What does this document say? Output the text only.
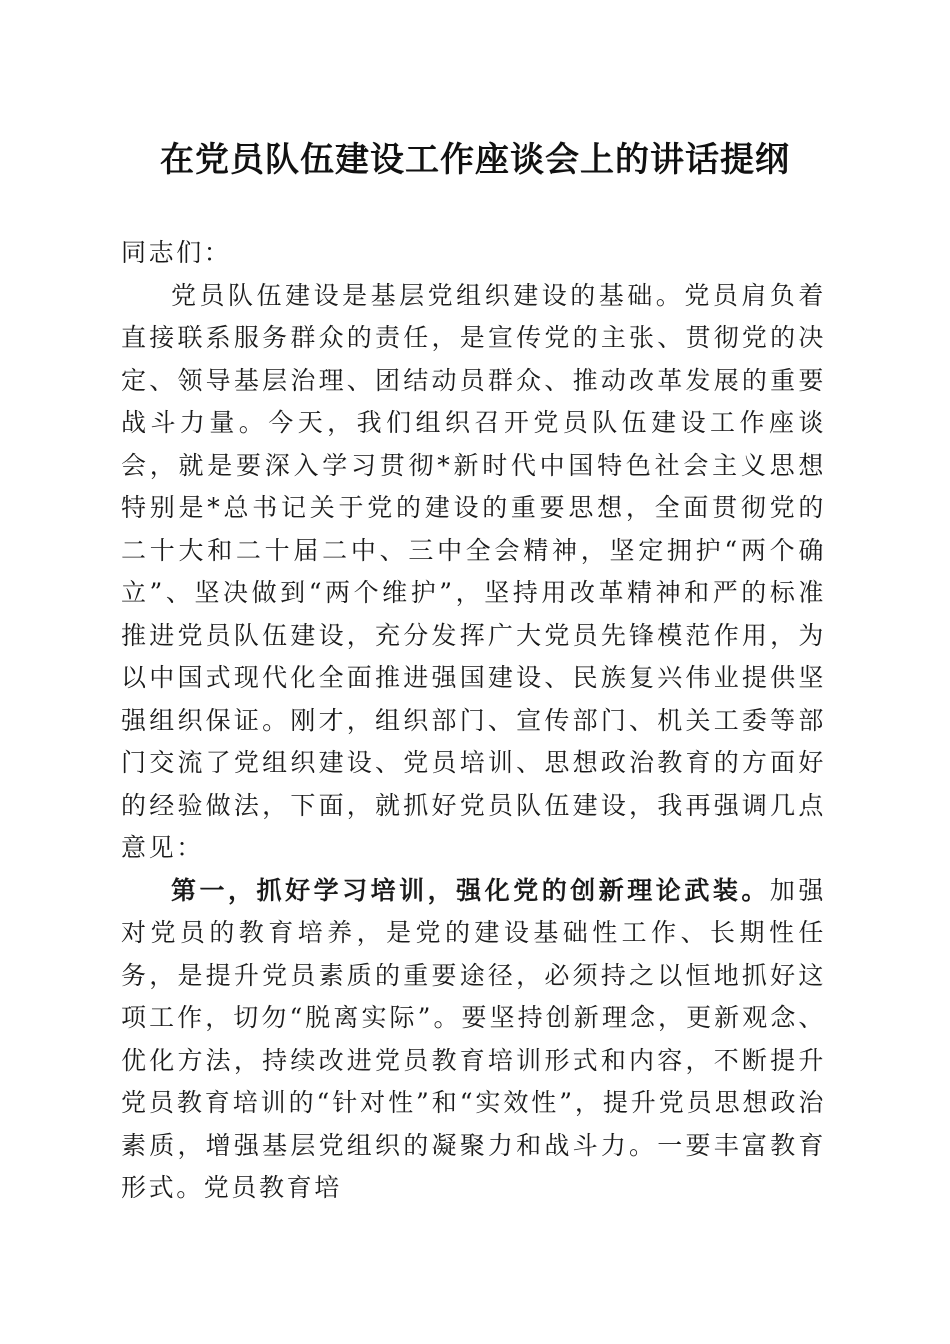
在党员队伍建设工作座谈会上的讲话提纲

同志们：

党员队伍建设是基层党组织建设的基础。党员肩负着直接联系服务群众的责任，是宣传党的主张、贯彻党的决定、领导基层治理、团结动员群众、推动改革发展的重要战斗力量。今天，我们组织召开党员队伍建设工作座谈会，就是要深入学习贯彻*新时代中国特色社会主义思想特别是*总书记关于党的建设的重要思想，全面贯彻党的二十大和二十届二中、三中全会精神，坚定拥护“两个确立”、坚决做到“两个维护”，坚持用改革精神和严的标准推进党员队伍建设，充分发挥广大党员先锋模范作用，为以中国式现代化全面推进强国建设、民族复兴伟业提供坚强组织保证。刚才，组织部门、宣传部门、机关工委等部门交流了党组织建设、党员培训、思想政治教育的方面好的经验做法，下面，就抓好党员队伍建设，我再强调几点意见：

第一，抓好学习培训，强化党的创新理论武装。加强对党员的教育培养，是党的建设基础性工作、长期性任务，是提升党员素质的重要途径，必须持之以恒地抓好这项工作，切勿“脱离实际”。要坚持创新理念，更新观念、优化方法，持续改进党员教育培训形式和内容，不断提升党员教育培训的“针对性”和“实效性”，提升党员思想政治素质，增强基层党组织的凝聚力和战斗力。一要丰富教育形式。党员教育培
